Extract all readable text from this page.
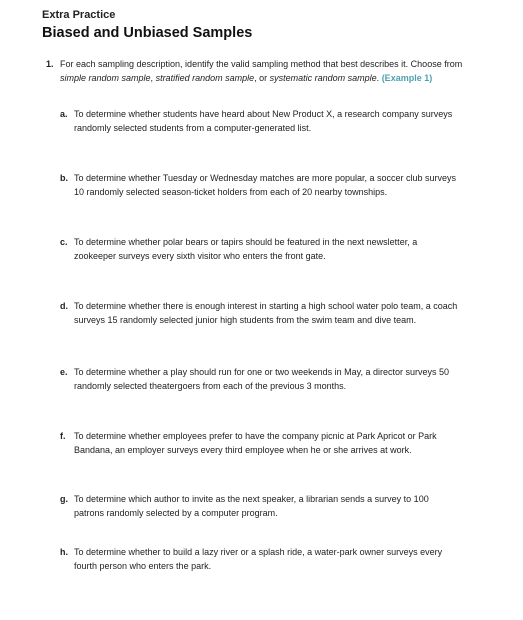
Extra Practice
Biased and Unbiased Samples
1. For each sampling description, identify the valid sampling method that best describes it. Choose from simple random sample, stratified random sample, or systematic random sample. (Example 1)
a. To determine whether students have heard about New Product X, a research company surveys randomly selected students from a computer-generated list.
b. To determine whether Tuesday or Wednesday matches are more popular, a soccer club surveys 10 randomly selected season-ticket holders from each of 20 nearby townships.
c. To determine whether polar bears or tapirs should be featured in the next newsletter, a zookeeper surveys every sixth visitor who enters the front gate.
d. To determine whether there is enough interest in starting a high school water polo team, a coach surveys 15 randomly selected junior high students from the swim team and dive team.
e. To determine whether a play should run for one or two weekends in May, a director surveys 50 randomly selected theatergoers from each of the previous 3 months.
f. To determine whether employees prefer to have the company picnic at Park Apricot or Park Bandana, an employer surveys every third employee when he or she arrives at work.
g. To determine which author to invite as the next speaker, a librarian sends a survey to 100 patrons randomly selected by a computer program.
h. To determine whether to build a lazy river or a splash ride, a water-park owner surveys every fourth person who enters the park.
